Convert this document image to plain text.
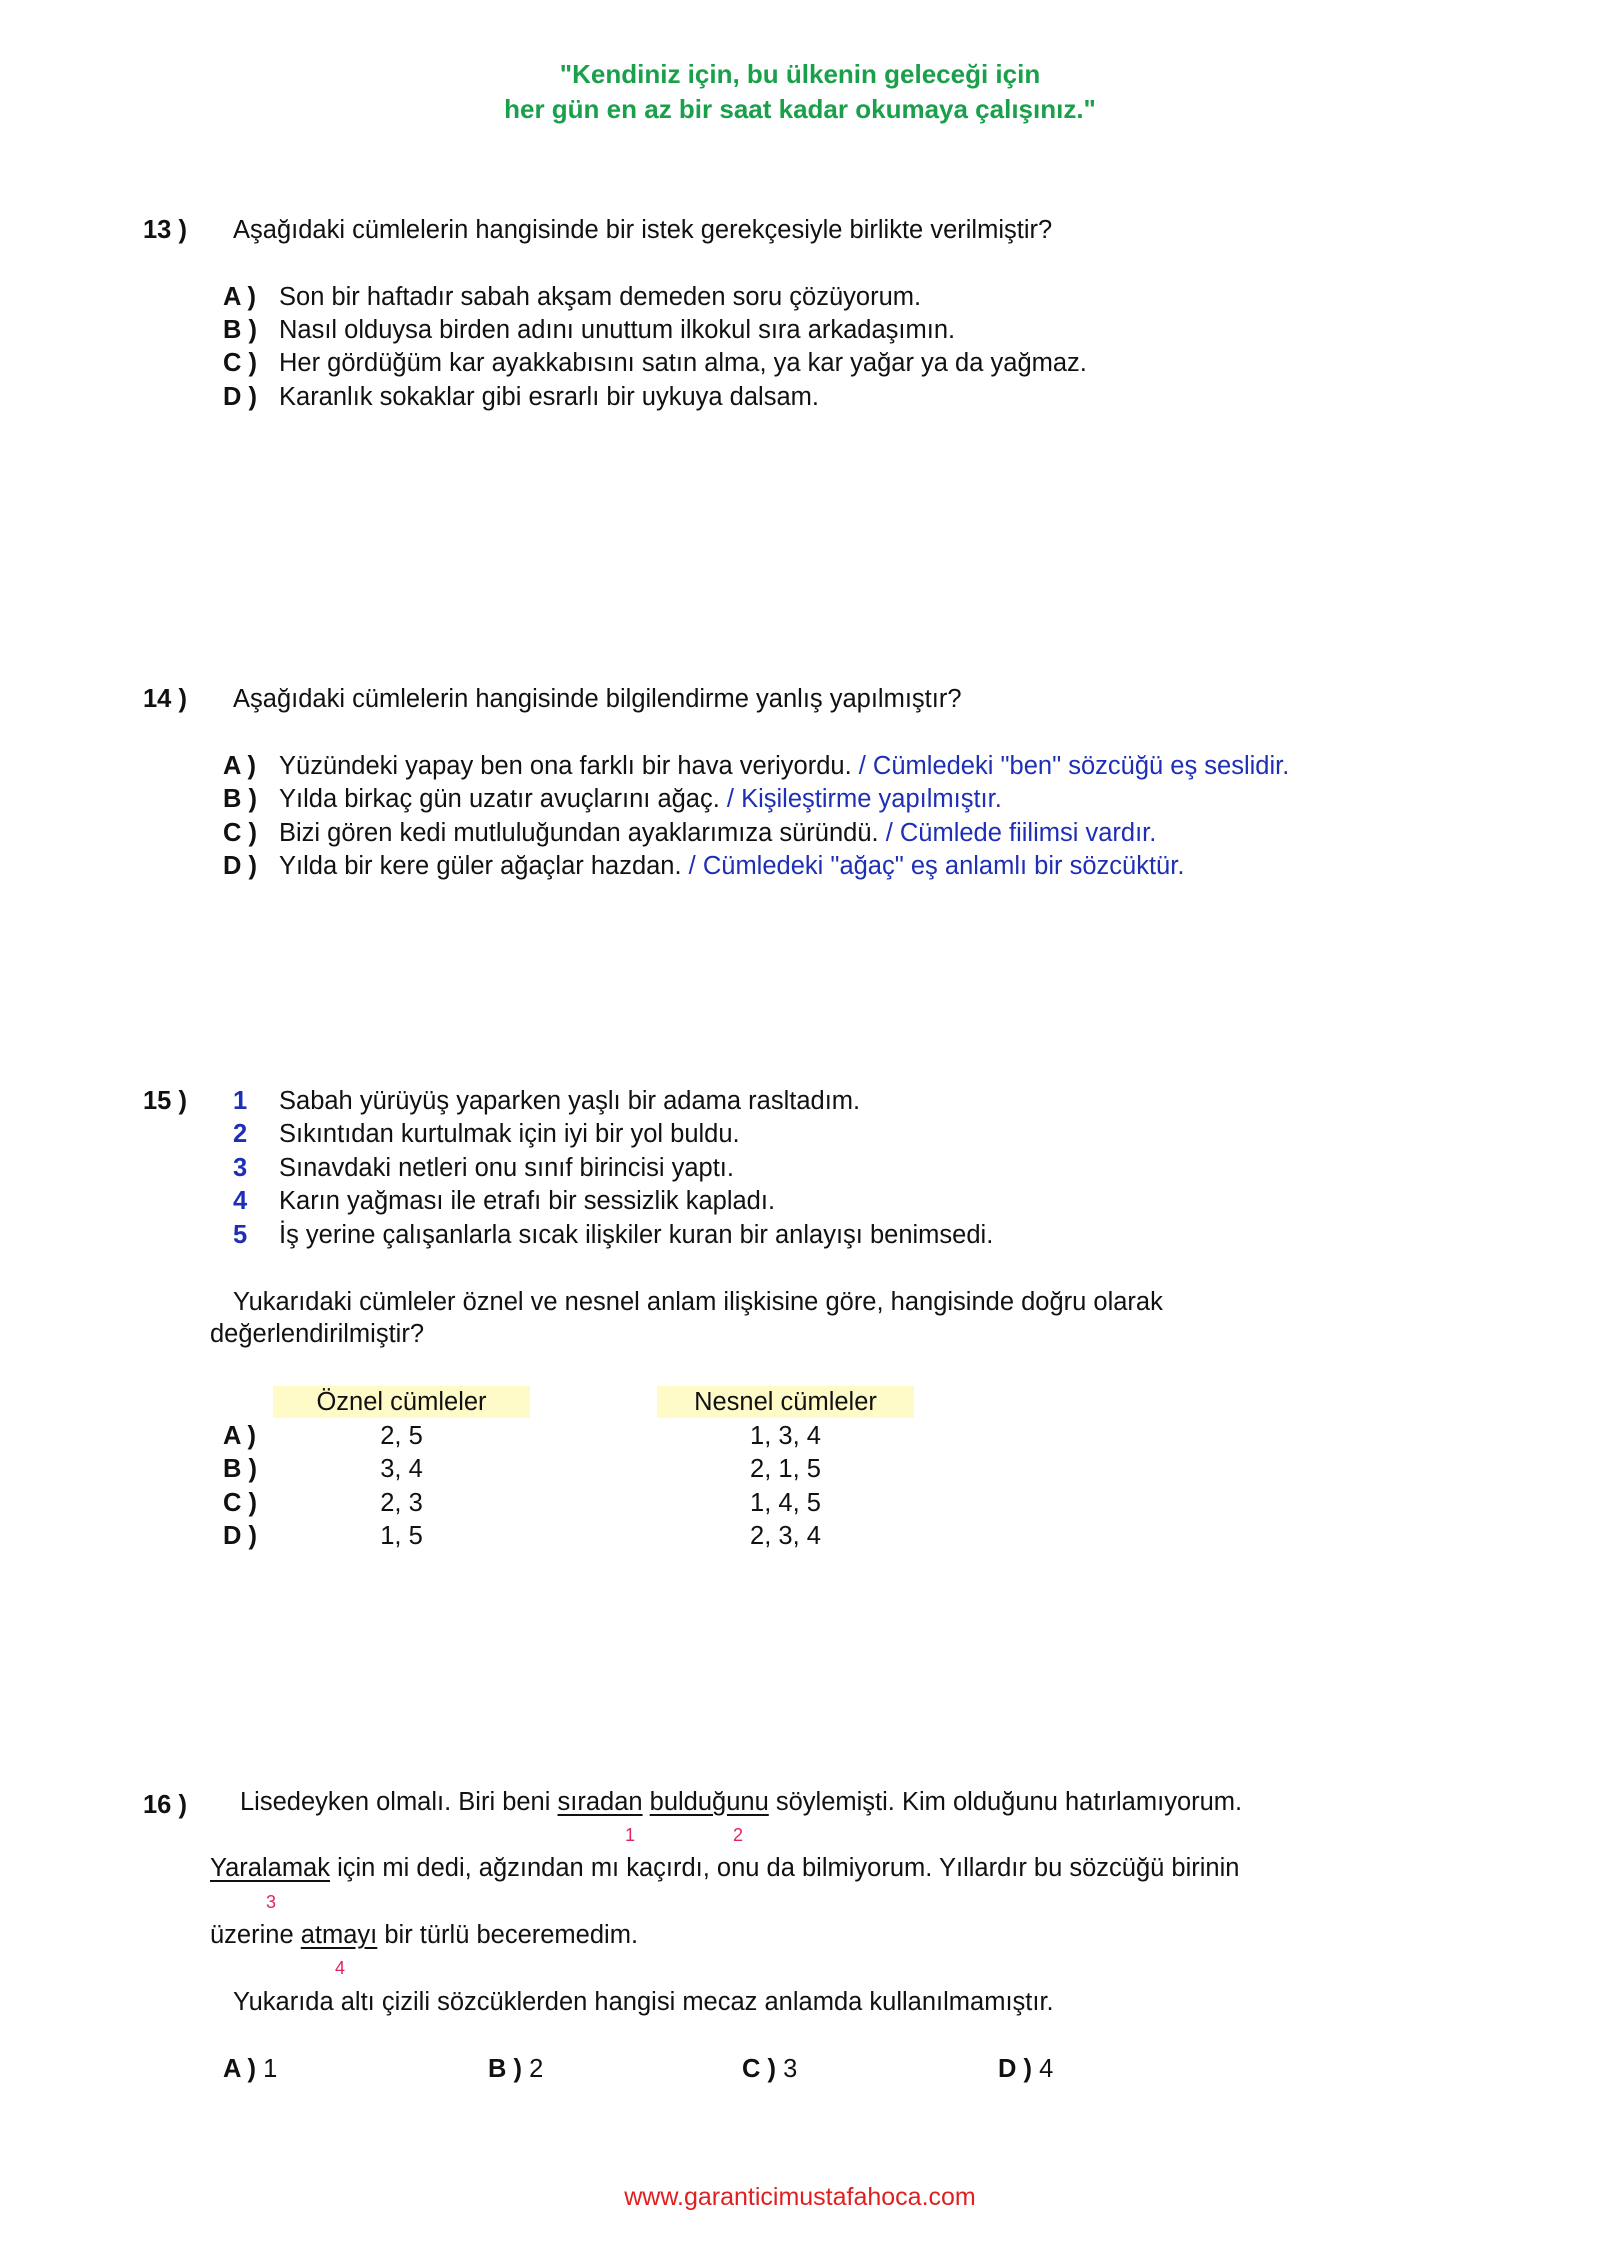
"Kendiniz için, bu ülkenin geleceği için
her gün en az bir saat kadar okumaya çalışınız."
13 ) Aşağıdaki cümlelerin hangisinde bir istek gerekçesiyle birlikte verilmiştir?
A ) Son bir haftadır sabah akşam demeden soru çözüyorum.
B ) Nasıl olduysa birden adını unuttum ilkokul sıra arkadaşımın.
C ) Her gördüğüm kar ayakkabısını satın alma, ya kar yağar ya da yağmaz.
D ) Karanlık sokaklar gibi esrarlı bir uykuya dalsam.
14 ) Aşağıdaki cümlelerin hangisinde bilgilendirme yanlış yapılmıştır?
A ) Yüzündeki yapay ben ona farklı bir hava veriyordu. / Cümledeki "ben" sözcüğü eş seslidir.
B ) Yılda birkaç gün uzatır avuçlarını ağaç. / Kişileştirme yapılmıştır.
C ) Bizi gören kedi mutluluğundan ayaklarımıza süründü. / Cümlede fiilimsi vardır.
D ) Yılda bir kere güler ağaçlar hazdan. / Cümledeki "ağaç" eş anlamlı bir sözcüktür.
15 ) 1 Sabah yürüyüş yaparken yaşlı bir adama rasltadım.
2 Sıkıntıdan kurtulmak için iyi bir yol buldu.
3 Sınavdaki netleri onu sınıf birincisi yaptı.
4 Karın yağması ile etrafı bir sessizlik kapladı.
5 İş yerine çalışanlarla sıcak ilişkiler kuran bir anlayışı benimsedi.
Yukarıdaki cümleler öznel ve nesnel anlam ilişkisine göre, hangisinde doğru olarak
değerlendirilmiştir?
Öznel cümleler	Nesnel cümleler
A )	2, 5	1, 3, 4
B )	3, 4	2, 1, 5
C )	2, 3	1, 4, 5
D )	1, 5	2, 3, 4
16 ) Lisedeyken olmalı. Biri beni sıradan bulduğunu söylemişti. Kim olduğunu hatırlamıyorum.
1	2
Yaralamak için mi dedi, ağzından mı kaçırdı, onu da bilmiyorum. Yıllardır bu sözcüğü birinin
3
üzerine atmayı bir türlü beceremedim.
4
Yukarıda altı çizili sözcüklerden hangisi mecaz anlamda kullanılmamıştır.
A ) 1	B ) 2	C ) 3	D ) 4
www.garanticimustafahoca.com
